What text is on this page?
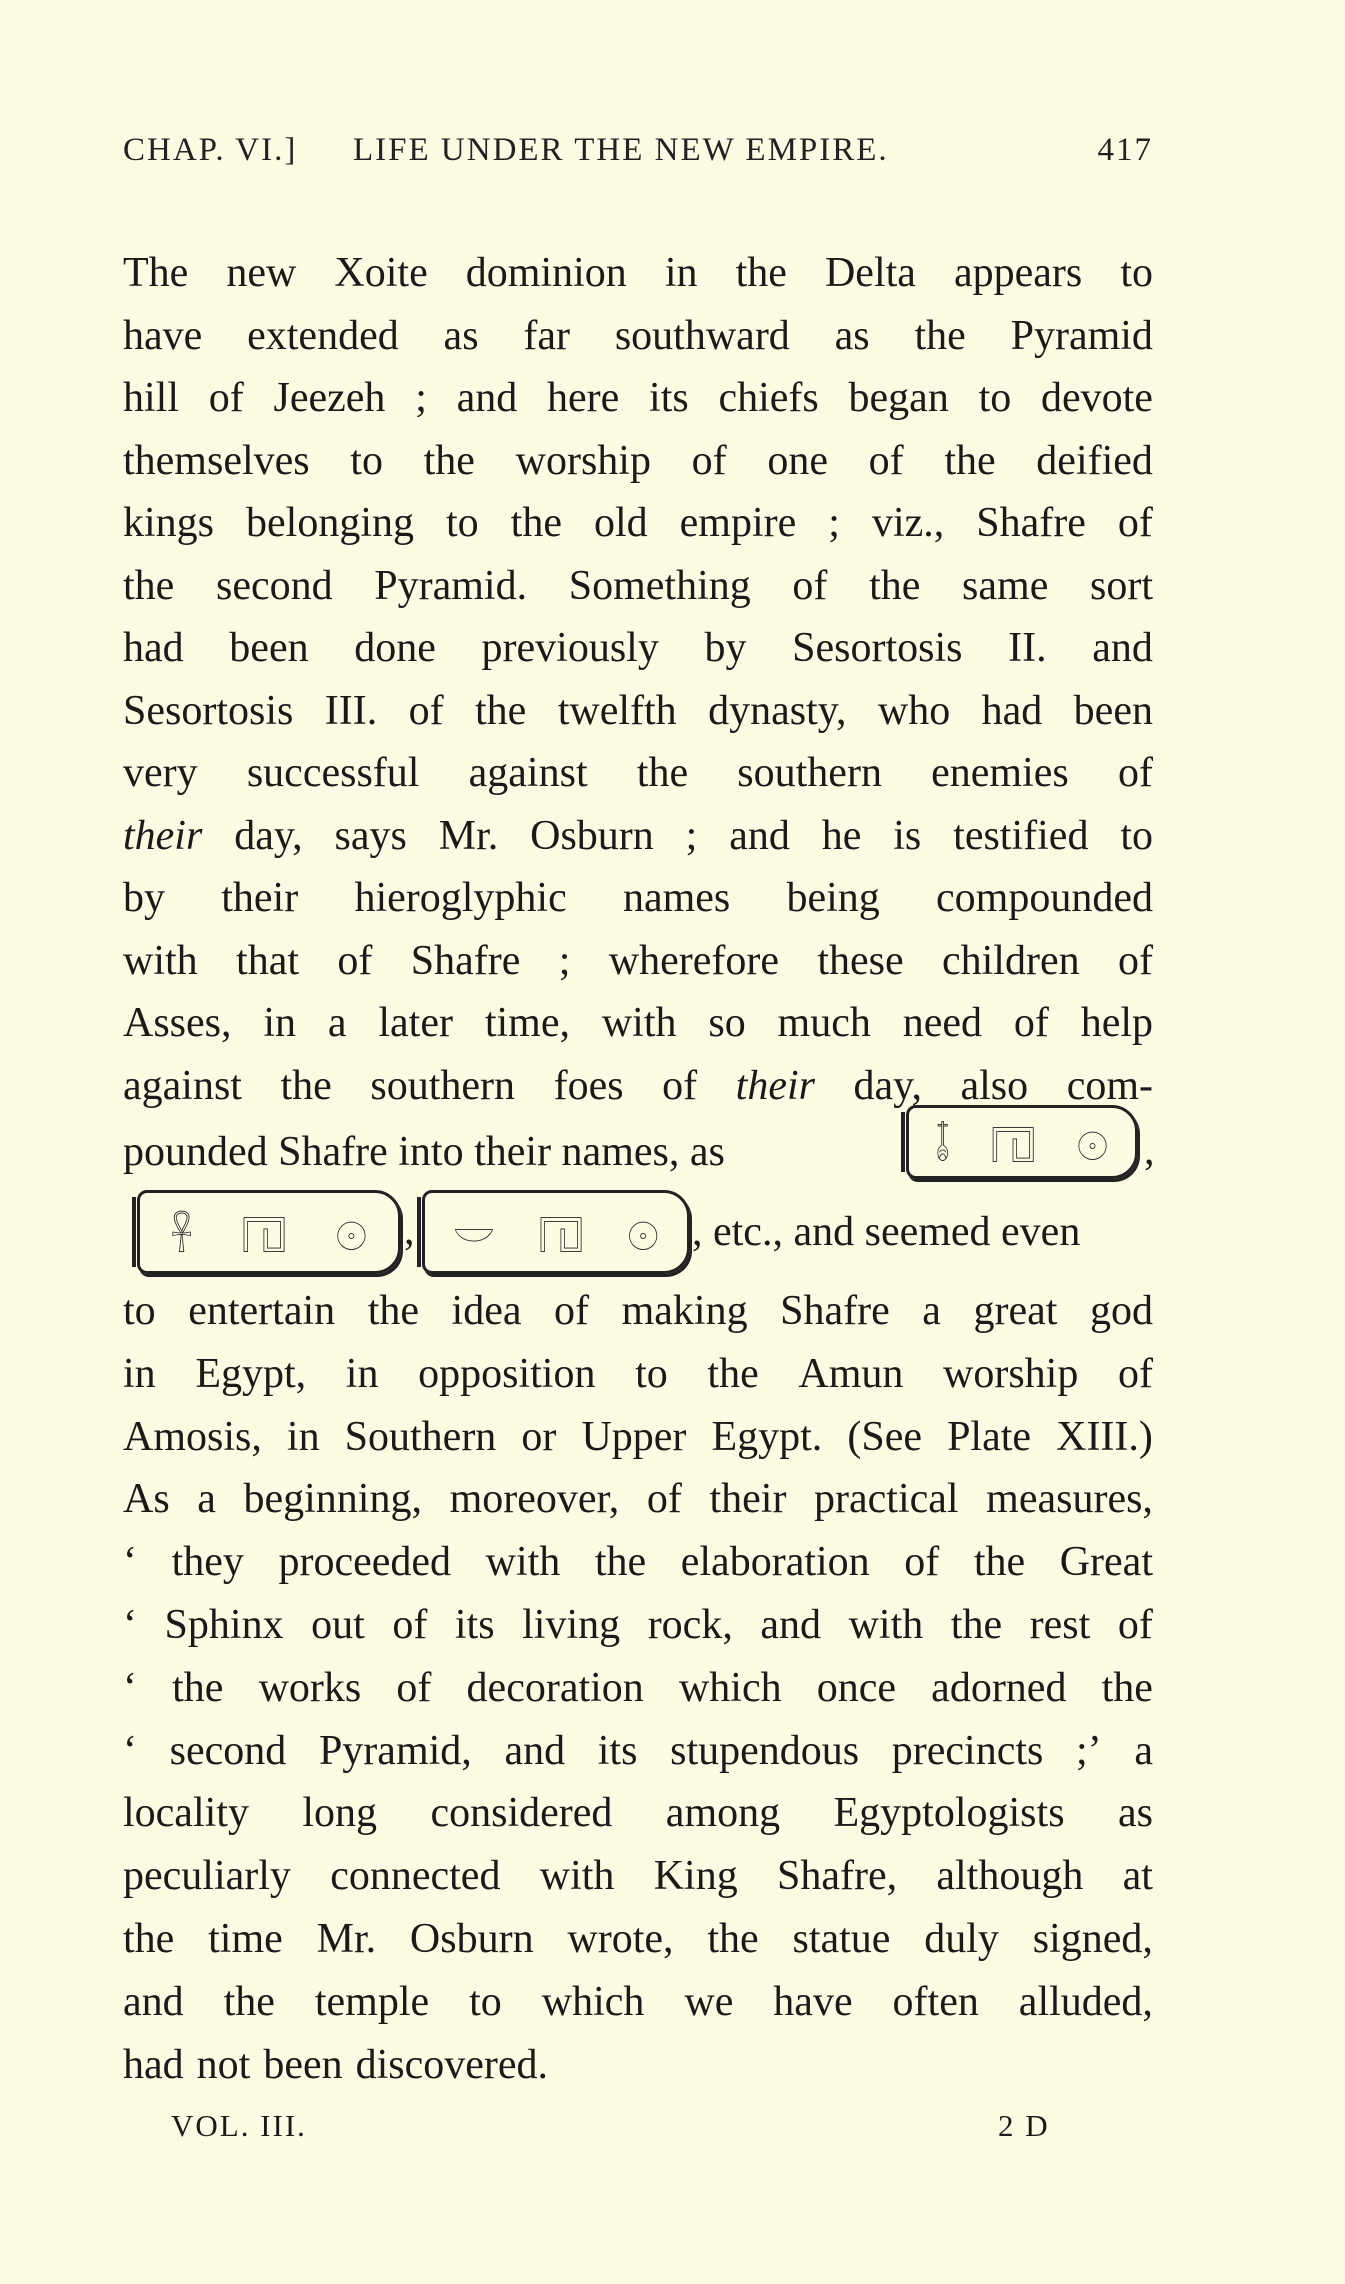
CHAP. VI.] LIFE UNDER THE NEW EMPIRE.	417
The new Xoite dominion in the Delta appears to
have extended as far southward as the Pyramid
hill of Jeezeh ; and here its chiefs began to devote
themselves to the worship of one of the deified
kings belonging to the old empire ; viz., Shafre of
the second Pyramid. Something of the same sort
had been done previously by Sesortosis II. and
Sesortosis III. of the twelfth dynasty, who had been
very successful against the southern enemies of
their day, says Mr. Osburn ; and he is testified to
by their hieroglyphic names being compounded
with that of Shafre ; wherefore these children of
Asses, in a later time, with so much need of help
against the southern foes of their day, also com-
pounded Shafre into their names, as	𓄤 𓉔 𓇳 ,
𓋹 𓉔 𓇳 , 𓎟 𓉔 𓇳 , etc., and seemed even
to entertain the idea of making Shafre a great god
in Egypt, in opposition to the Amun worship of
Amosis, in Southern or Upper Egypt. (See Plate XIII.)
As a beginning, moreover, of their practical measures,
‘ they proceeded with the elaboration of the Great
‘ Sphinx out of its living rock, and with the rest of
‘ the works of decoration which once adorned the
‘ second Pyramid, and its stupendous precincts ;’ a
locality long considered among Egyptologists as
peculiarly connected with King Shafre, although at
the time Mr. Osburn wrote, the statue duly signed,
and the temple to which we have often alluded,
had not been discovered.
VOL. III.	2 D
